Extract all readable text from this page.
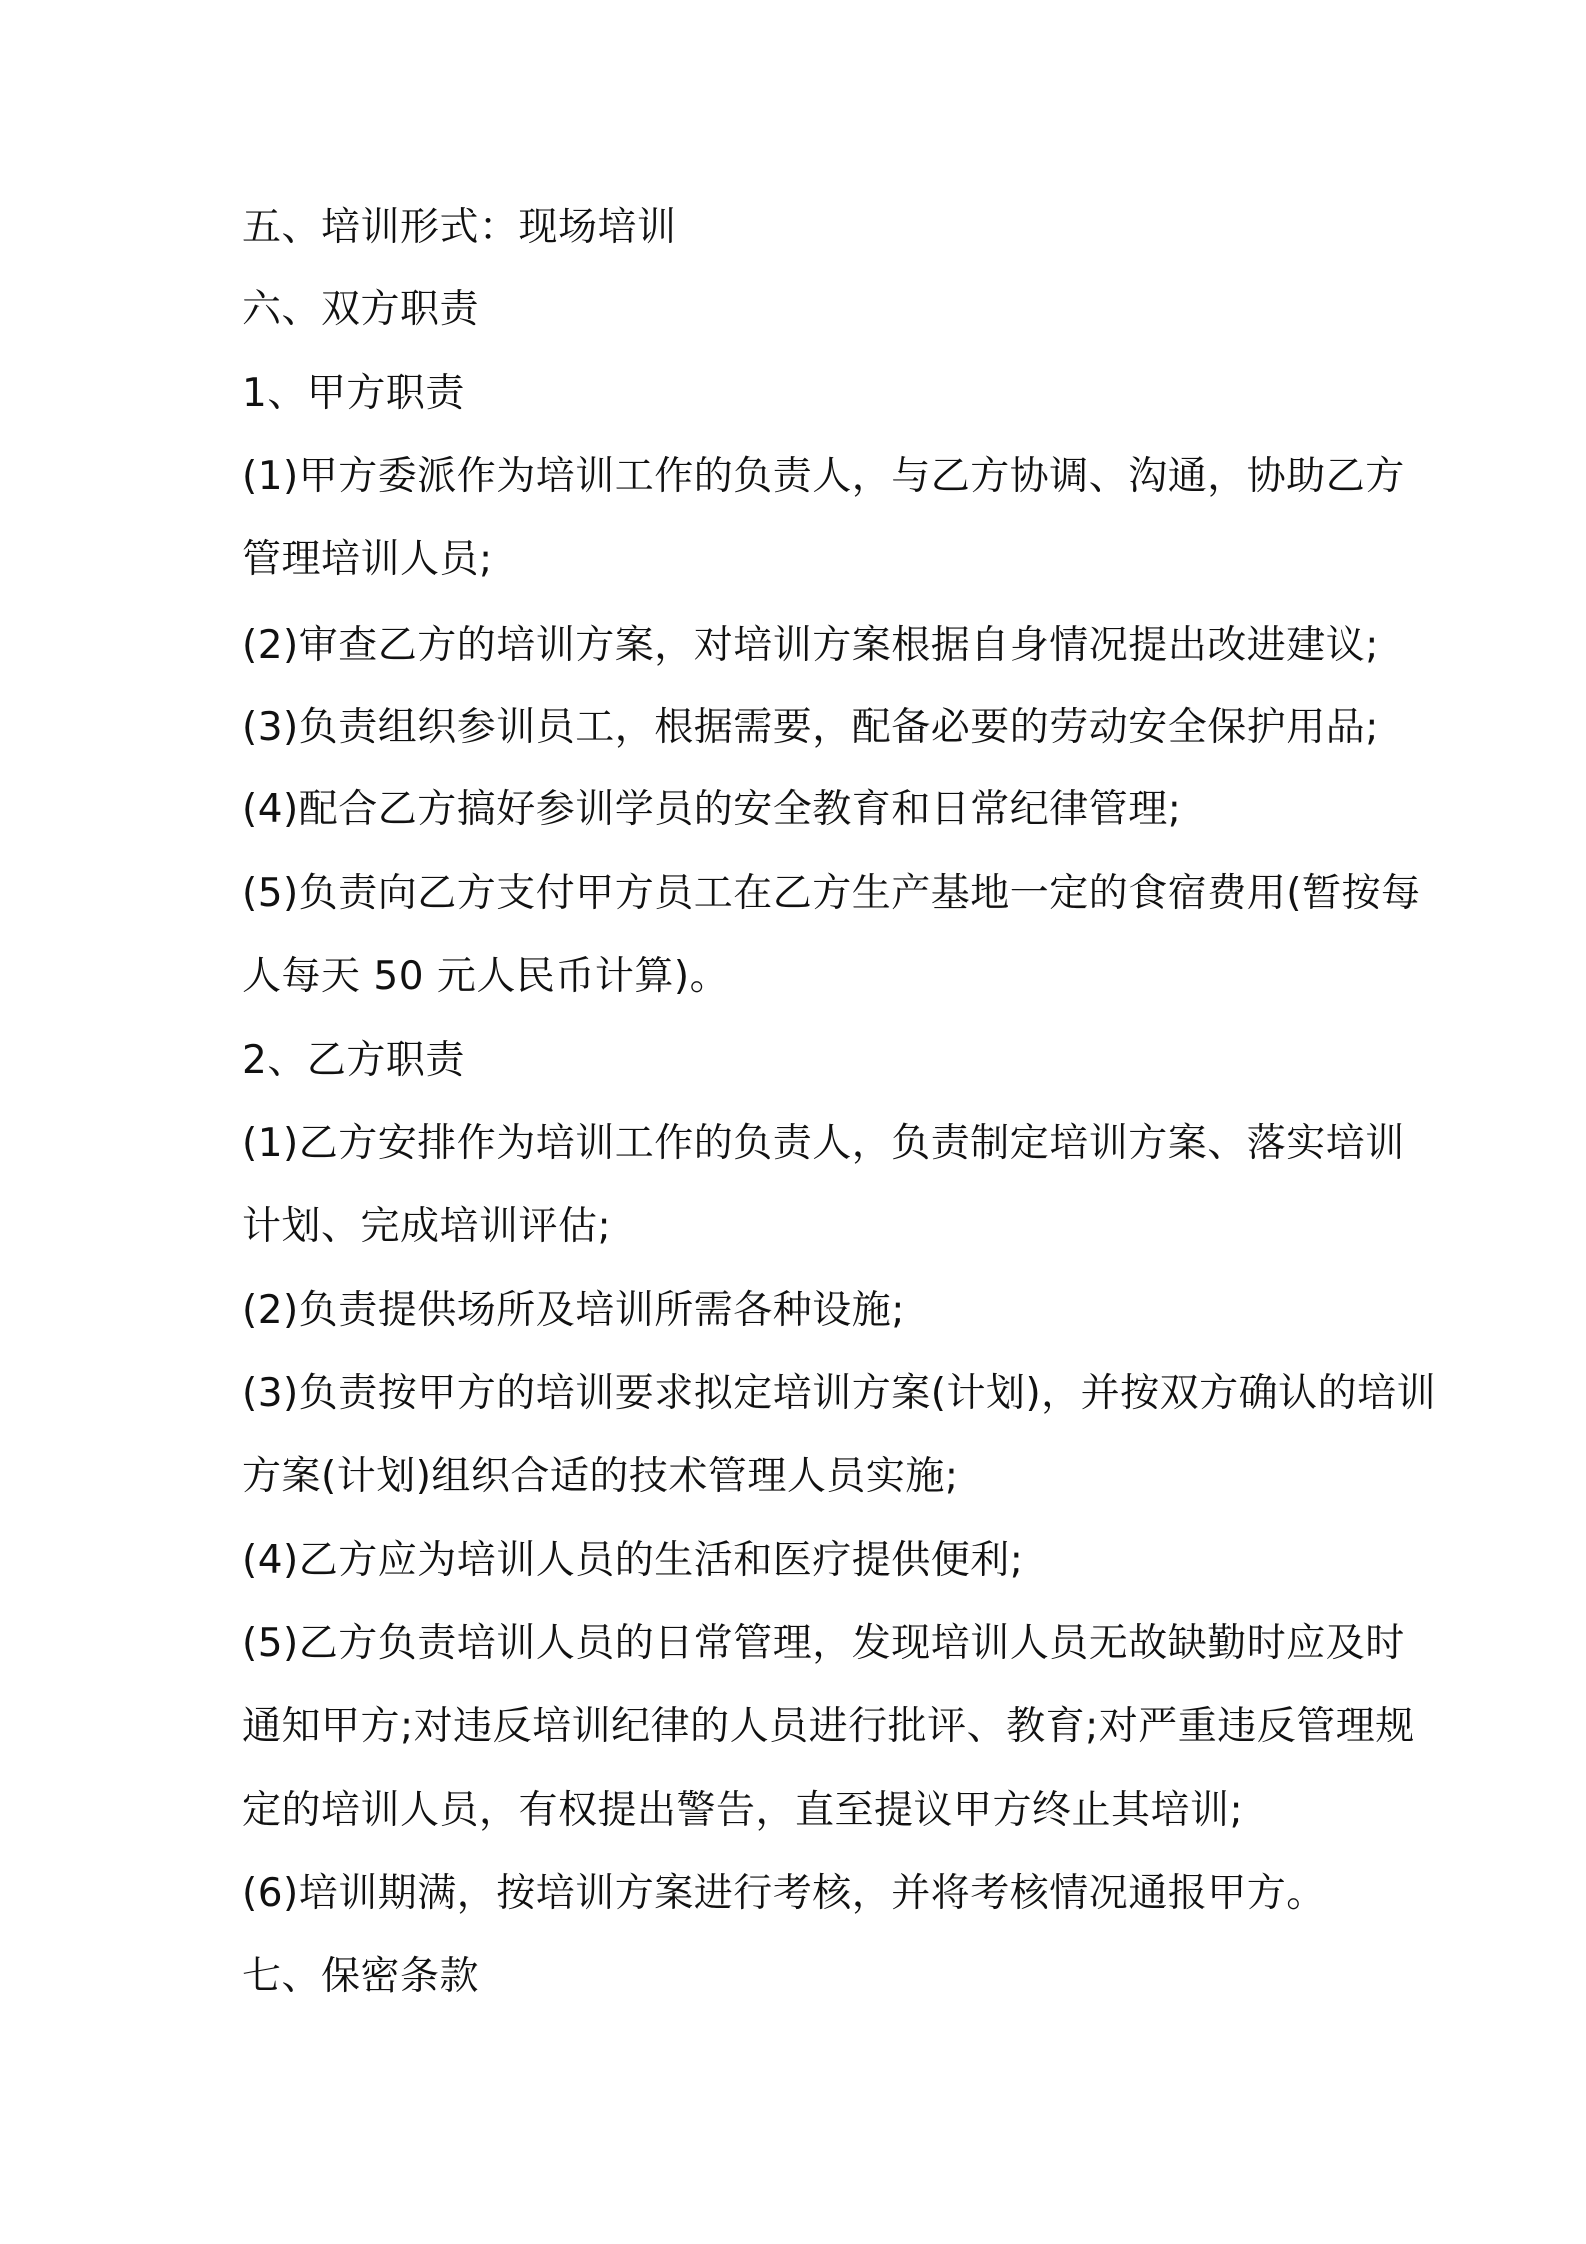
五、培训形式：现场培训
六、双方职责
1、甲方职责
(1)甲方委派作为培训工作的负责人，与乙方协调、沟通，协助乙方
管理培训人员;
(2)审查乙方的培训方案，对培训方案根据自身情况提出改进建议;
(3)负责组织参训员工，根据需要，配备必要的劳动安全保护用品;
(4)配合乙方搞好参训学员的安全教育和日常纪律管理;
(5)负责向乙方支付甲方员工在乙方生产基地一定的食宿费用(暂按每
人每天 50 元人民币计算)。
2、乙方职责
(1)乙方安排作为培训工作的负责人，负责制定培训方案、落实培训
计划、完成培训评估;
(2)负责提供场所及培训所需各种设施;
(3)负责按甲方的培训要求拟定培训方案(计划)，并按双方确认的培训
方案(计划)组织合适的技术管理人员实施;
(4)乙方应为培训人员的生活和医疗提供便利;
(5)乙方负责培训人员的日常管理，发现培训人员无故缺勤时应及时
通知甲方;对违反培训纪律的人员进行批评、教育;对严重违反管理规
定的培训人员，有权提出警告，直至提议甲方终止其培训;
(6)培训期满，按培训方案进行考核，并将考核情况通报甲方。
七、保密条款
